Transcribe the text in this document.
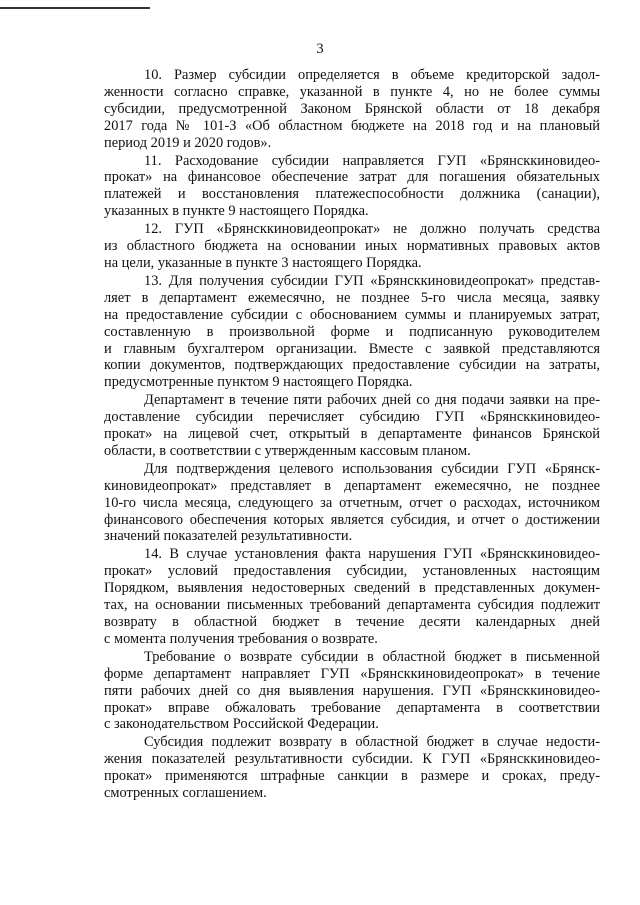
3

10. Размер субсидии определяется в объеме кредиторской задол-
женности согласно справке, указанной в пункте 4, но не более суммы
субсидии, предусмотренной Законом Брянской области от 18 декабря
2017 года № 101-З «Об областном бюджете на 2018 год и на плановый
период 2019 и 2020 годов».

11. Расходование субсидии направляется ГУП «Брянсккиновидео-
прокат» на финансовое обеспечение затрат для погашения обязательных
платежей и восстановления платежеспособности должника (санации),
указанных в пункте 9 настоящего Порядка.

12. ГУП «Брянсккиновидеопрокат» не должно получать средства
из областного бюджета на основании иных нормативных правовых актов
на цели, указанные в пункте 3 настоящего Порядка.

13. Для получения субсидии ГУП «Брянсккиновидеопрокат» представ-
ляет в департамент ежемесячно, не позднее 5-го числа месяца, заявку
на предоставление субсидии с обоснованием суммы и планируемых затрат,
составленную в произвольной форме и подписанную руководителем
и главным бухгалтером организации. Вместе с заявкой представляются
копии документов, подтверждающих предоставление субсидии на затраты,
предусмотренные пунктом 9 настоящего Порядка.

Департамент в течение пяти рабочих дней со дня подачи заявки на пре-
доставление субсидии перечисляет субсидию ГУП «Брянсккиновидео-
прокат» на лицевой счет, открытый в департаменте финансов Брянской
области, в соответствии с утвержденным кассовым планом.

Для подтверждения целевого использования субсидии ГУП «Брянск-
киновидеопрокат» представляет в департамент ежемесячно, не позднее
10-го числа месяца, следующего за отчетным, отчет о расходах, источником
финансового обеспечения которых является субсидия, и отчет о достижении
значений показателей результативности.

14. В случае установления факта нарушения ГУП «Брянсккиновидео-
прокат» условий предоставления субсидии, установленных настоящим
Порядком, выявления недостоверных сведений в представленных докумен-
тах, на основании письменных требований департамента субсидия подлежит
возврату в областной бюджет в течение десяти календарных дней
с момента получения требования о возврате.

Требование о возврате субсидии в областной бюджет в письменной
форме департамент направляет ГУП «Брянсккиновидеопрокат» в течение
пяти рабочих дней со дня выявления нарушения. ГУП «Брянсккиновидео-
прокат» вправе обжаловать требование департамента в соответствии
с законодательством Российской Федерации.

Субсидия подлежит возврату в областной бюджет в случае недости-
жения показателей результативности субсидии. К ГУП «Брянсккиновидео-
прокат» применяются штрафные санкции в размере и сроках, преду-
смотренных соглашением.
